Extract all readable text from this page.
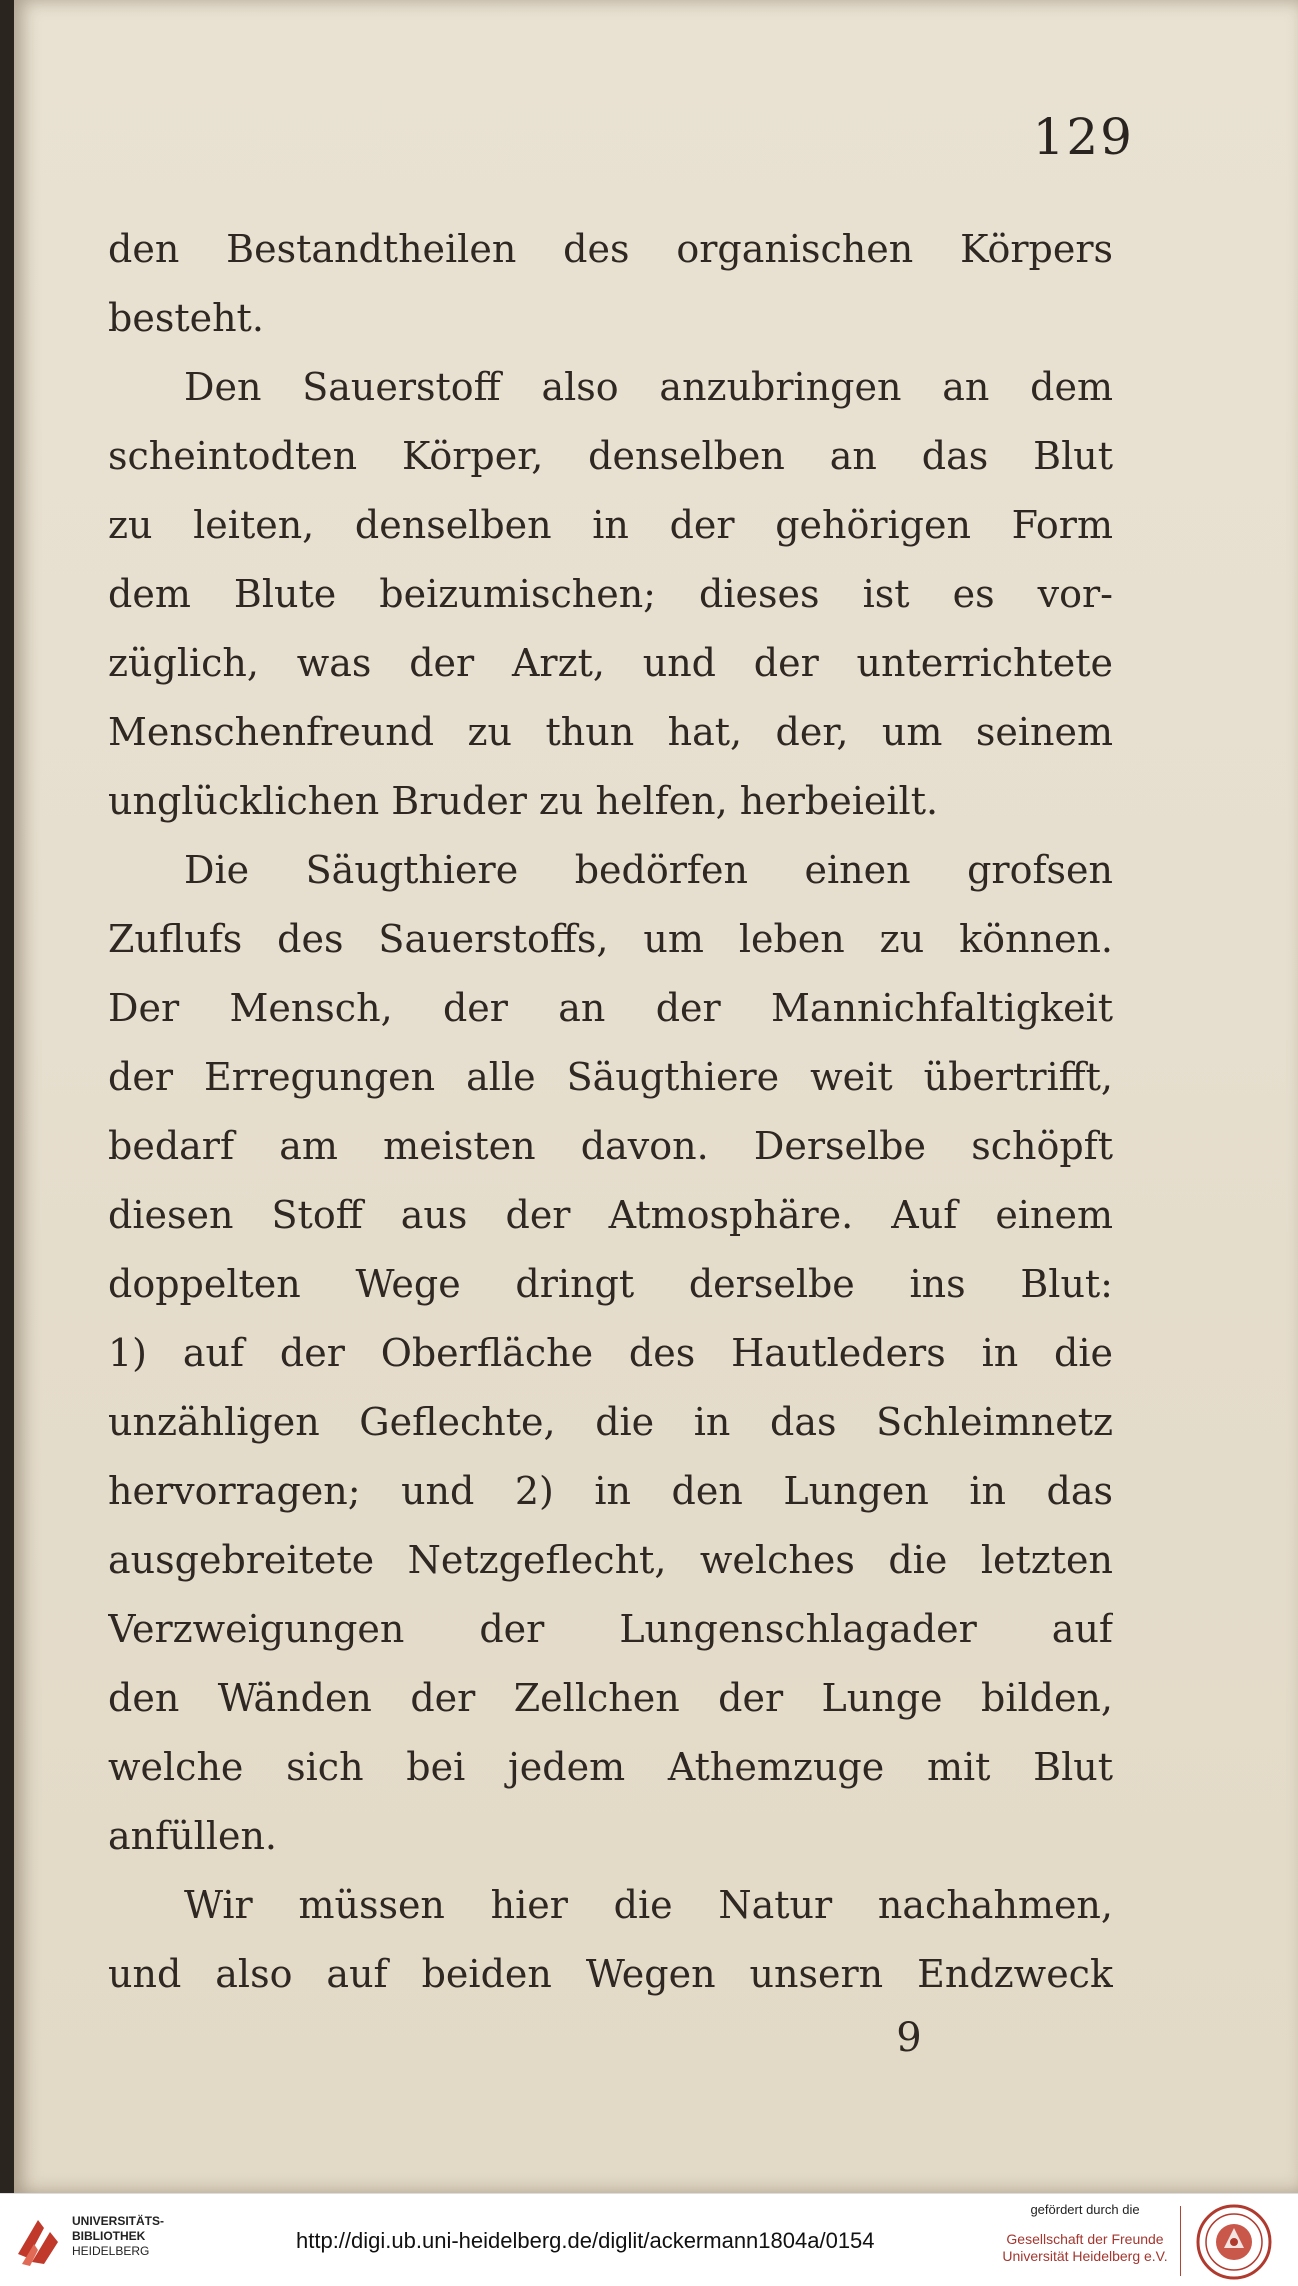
129
den Bestandtheilen des organischen Körpers
besteht.
Den Sauerstoff also anzubringen an dem
scheintodten Körper, denselben an das Blut
zu leiten, denselben in der gehörigen Form
dem Blute beizumischen; dieses ist es vor-
züglich, was der Arzt, und der unterrichtete
Menschenfreund zu thun hat, der, um seinem
unglücklichen Bruder zu helfen, herbeieilt.
Die Säugthiere bedörfen einen grofsen
Zuflufs des Sauerstoffs, um leben zu können.
Der Mensch, der an der Mannichfaltigkeit
der Erregungen alle Säugthiere weit übertrifft,
bedarf am meisten davon. Derselbe schöpft
diesen Stoff aus der Atmosphäre. Auf einem
doppelten Wege dringt derselbe ins Blut:
1) auf der Oberfläche des Hautleders in die
unzähligen Geflechte, die in das Schleimnetz
hervorragen; und 2) in den Lungen in das
ausgebreitete Netzgeflecht, welches die letzten
Verzweigungen der Lungenschlagader auf
den Wänden der Zellchen der Lunge bilden,
welche sich bei jedem Athemzuge mit Blut
anfüllen.
Wir müssen hier die Natur nachahmen,
und also auf beiden Wegen unsern Endzweck
9
UNIVERSITÄTS-
BIBLIOTHEK
HEIDELBERG	http://digi.ub.uni-heidelberg.de/diglit/ackermann1804a/0154
gefördert durch die
Gesellschaft der Freunde
Universität Heidelberg e.V.
